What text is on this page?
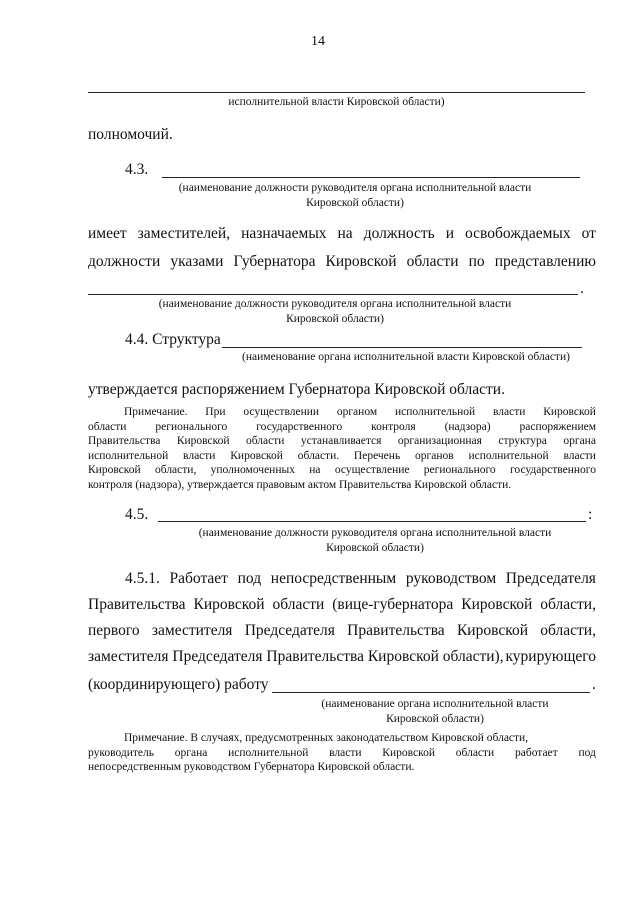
14
исполнительной власти Кировской области)
полномочий.
4.3.
(наименование должности руководителя органа исполнительной власти
Кировской области)
имеет заместителей, назначаемых на должность и освобождаемых от
должности указами Губернатора Кировской области по представлению
.
(наименование должности руководителя органа исполнительной власти
Кировской области)
4.4. Структура
(наименование органа исполнительной власти Кировской области)
утверждается распоряжением Губернатора Кировской области.
Примечание. При осуществлении органом исполнительной власти Кировской
области	регионального	государственного	контроля	(надзора)	распоряжением
Правительства Кировской области устанавливается организационная структура органа
исполнительной власти Кировской области. Перечень органов исполнительной власти
Кировской области, уполномоченных на осуществление регионального государственного
контроля (надзора), утверждается правовым актом Правительства Кировской области.
4.5.	:
(наименование должности руководителя органа исполнительной власти
Кировской области)
4.5.1. Работает под непосредственным руководством Председателя
Правительства Кировской области (вице-губернатора Кировской области,
первого заместителя Председателя Правительства Кировской области,
заместителя Председателя Правительства Кировской области), курирующего
(координирующего) работу	.
(наименование органа исполнительной власти
Кировской области)
Примечание. В случаях, предусмотренных законодательством Кировской области,
руководитель органа исполнительной власти Кировской области работает под
непосредственным руководством Губернатора Кировской области.
